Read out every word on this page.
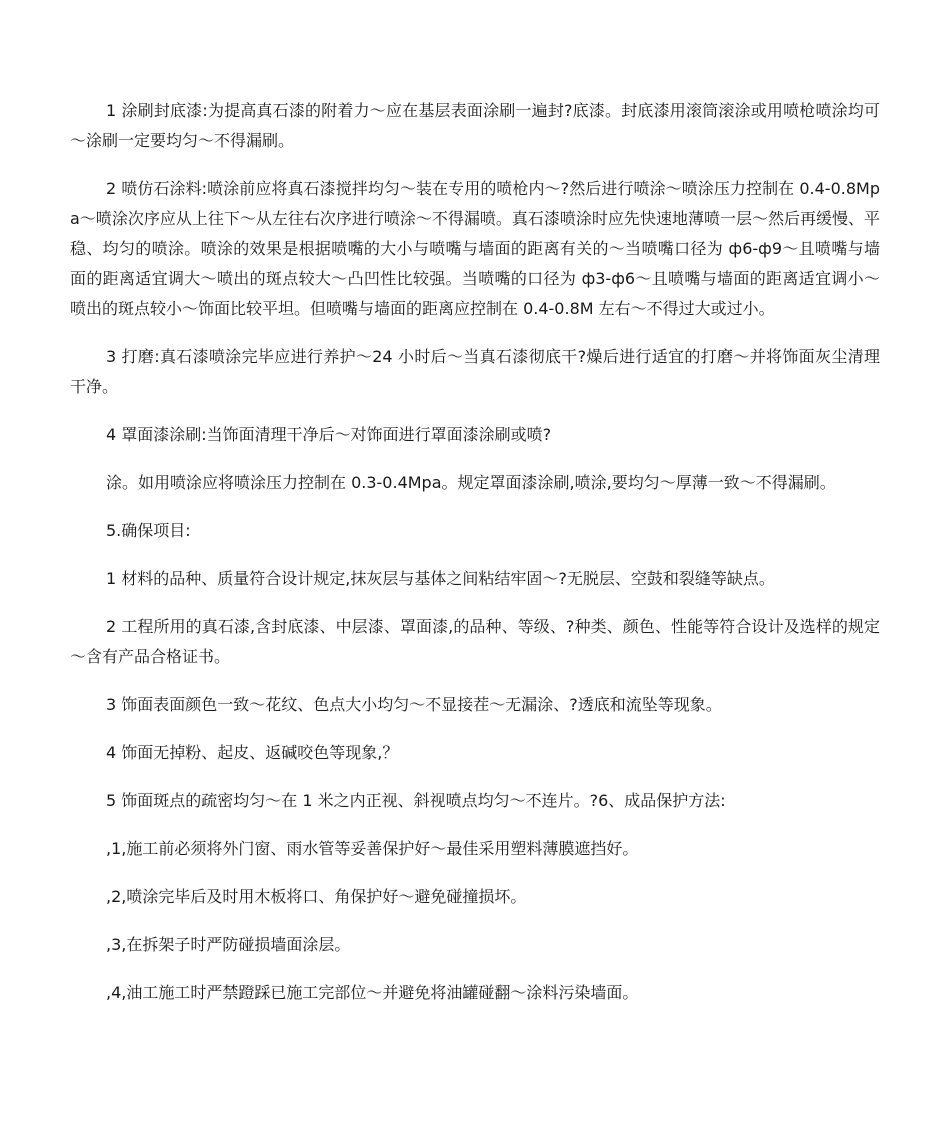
1 涂刷封底漆:为提高真石漆的附着力～应在基层表面涂刷一遍封?底漆。封底漆用滚筒滚涂或用喷枪喷涂均可～涂刷一定要均匀～不得漏刷。

2 喷仿石涂料:喷涂前应将真石漆搅拌均匀～装在专用的喷枪内～?然后进行喷涂～喷涂压力控制在 0.4-0.8Mpa～喷涂次序应从上往下～从左往右次序进行喷涂～不得漏喷。真石漆喷涂时应先快速地薄喷一层～然后再缓慢、平稳、均匀的喷涂。喷涂的效果是根据喷嘴的大小与喷嘴与墙面的距离有关的～当喷嘴口径为 ф6-ф9～且喷嘴与墙面的距离适宜调大～喷出的斑点较大～凸凹性比较强。当喷嘴的口径为 ф3-ф6～且喷嘴与墙面的距离适宜调小～喷出的斑点较小～饰面比较平坦。但喷嘴与墙面的距离应控制在 0.4-0.8M 左右～不得过大或过小。

3 打磨:真石漆喷涂完毕应进行养护～24 小时后～当真石漆彻底干?燥后进行适宜的打磨～并将饰面灰尘清理干净。

4 罩面漆涂刷:当饰面清理干净后～对饰面进行罩面漆涂刷或喷?

涂。如用喷涂应将喷涂压力控制在 0.3-0.4Mpa。规定罩面漆涂刷,喷涂,要均匀～厚薄一致～不得漏刷。

5.确保项目:

1 材料的品种、质量符合设计规定,抹灰层与基体之间粘结牢固～?无脱层、空鼓和裂缝等缺点。

2 工程所用的真石漆,含封底漆、中层漆、罩面漆,的品种、等级、?种类、颜色、性能等符合设计及选样的规定～含有产品合格证书。

3 饰面表面颜色一致～花纹、色点大小均匀～不显接茬～无漏涂、?透底和流坠等现象。

4 饰面无掉粉、起皮、返碱咬色等现象,？

5 饰面斑点的疏密均匀～在 1 米之内正视、斜视喷点均匀～不连片。?6、成品保护方法:

,1,施工前必须将外门窗、雨水管等妥善保护好～最佳采用塑料薄膜遮挡好。

,2,喷涂完毕后及时用木板将口、角保护好～避免碰撞损坏。

,3,在拆架子时严防碰损墙面涂层。

,4,油工施工时严禁蹬踩已施工完部位～并避免将油罐碰翻～涂料污染墙面。
